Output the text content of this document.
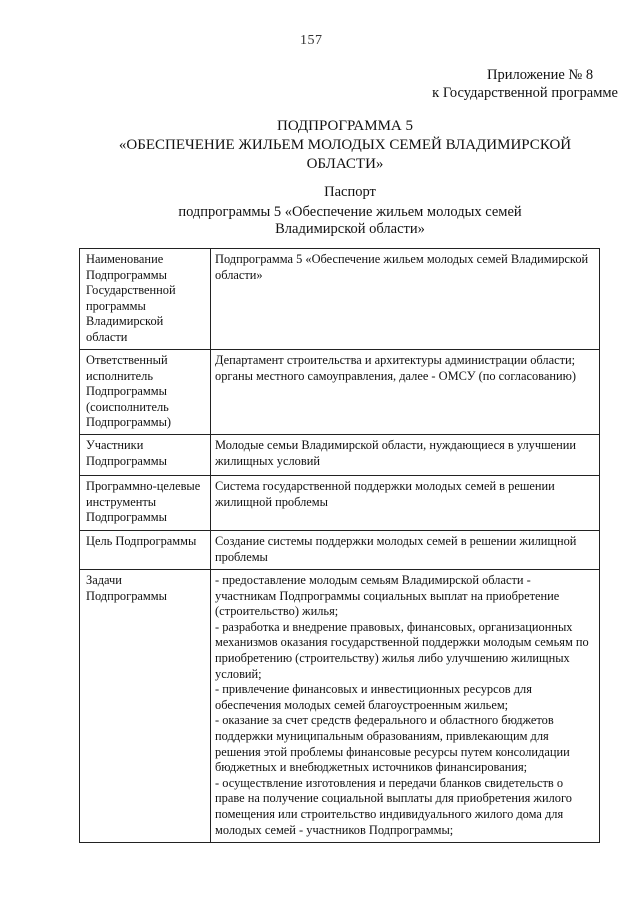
157
Приложение № 8
к Государственной программе
ПОДПРОГРАММА 5
«ОБЕСПЕЧЕНИЕ ЖИЛЬЕМ МОЛОДЫХ СЕМЕЙ ВЛАДИМИРСКОЙ
ОБЛАСТИ»
Паспорт
подпрограммы 5 «Обеспечение жильем молодых семей
Владимирской области»
Наименование Подпрограммы Государственной программы Владимирской области	Подпрограмма 5 «Обеспечение жильем молодых семей Владимирской области»

Ответственный исполнитель Подпрограммы (соисполнитель Подпрограммы)	Департамент строительства и архитектуры администрации области;
органы местного самоуправления, далее - ОМСУ (по согласованию)

Участники Подпрограммы	Молодые семьи Владимирской области, нуждающиеся в улучшении жилищных условий

Программно-целевые инструменты Подпрограммы	Система государственной поддержки молодых семей в решении жилищной проблемы

Цель Подпрограммы	Создание системы поддержки молодых семей в решении жилищной проблемы

Задачи Подпрограммы	- предоставление молодым семьям Владимирской области - участникам Подпрограммы социальных выплат на приобретение (строительство) жилья;
- разработка и внедрение правовых, финансовых, организационных механизмов оказания государственной поддержки молодым семьям по приобретению (строительству) жилья либо улучшению жилищных условий;
- привлечение финансовых и инвестиционных ресурсов для обеспечения молодых семей благоустроенным жильем;
- оказание за счет средств федерального и областного бюджетов поддержки муниципальным образованиям, привлекающим для решения этой проблемы финансовые ресурсы путем консолидации бюджетных и внебюджетных источников финансирования;
- осуществление изготовления и передачи бланков свидетельств о праве на получение социальной выплаты для приобретения жилого помещения или строительство индивидуального жилого дома для молодых семей - участников Подпрограммы;
